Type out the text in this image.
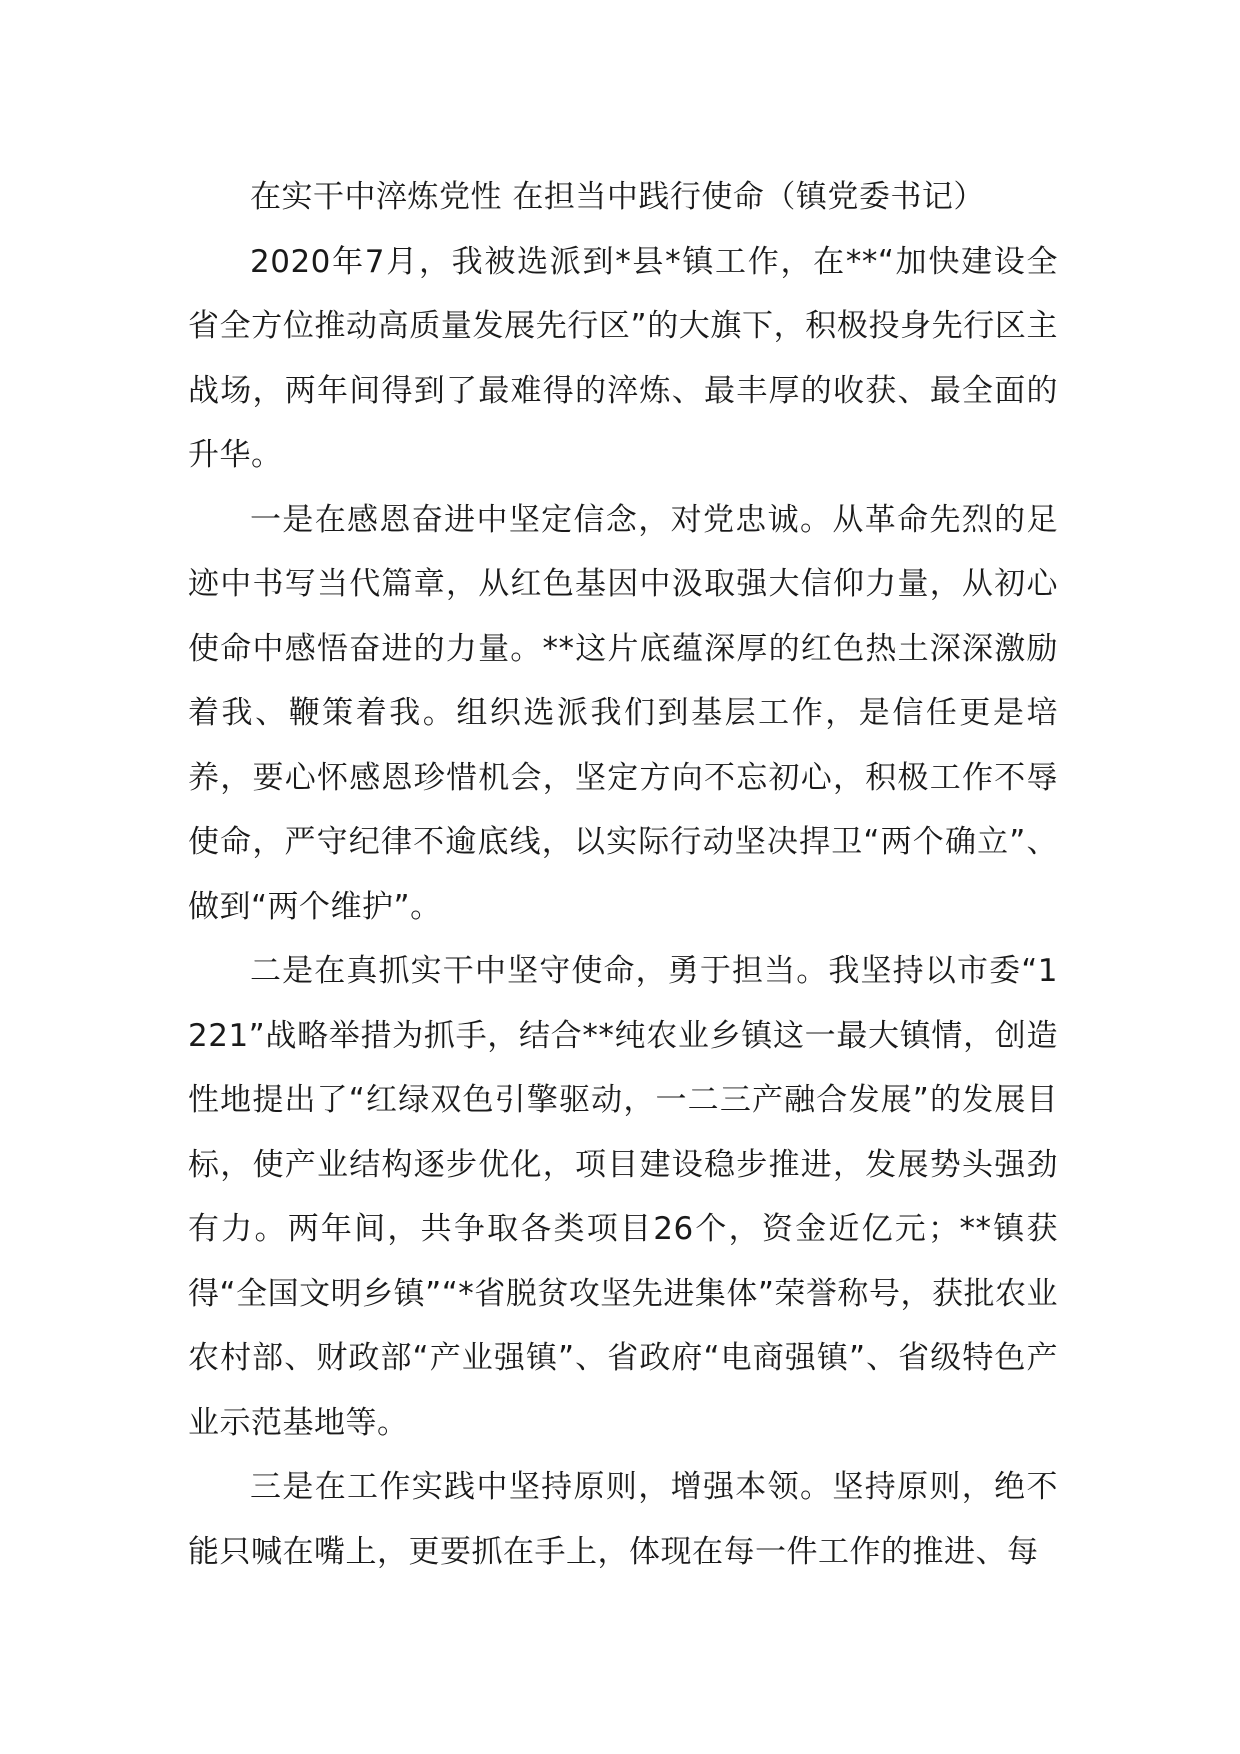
在实干中淬炼党性 在担当中践行使命（镇党委书记）

2020年7月，我被选派到*县*镇工作，在**“加快建设全省全方位推动高质量发展先行区”的大旗下，积极投身先行区主战场，两年间得到了最难得的淬炼、最丰厚的收获、最全面的升华。

一是在感恩奋进中坚定信念，对党忠诚。从革命先烈的足迹中书写当代篇章，从红色基因中汲取强大信仰力量，从初心使命中感悟奋进的力量。**这片底蕴深厚的红色热土深深激励着我、鞭策着我。组织选派我们到基层工作，是信任更是培养，要心怀感恩珍惜机会，坚定方向不忘初心，积极工作不辱使命，严守纪律不逾底线，以实际行动坚决捍卫“两个确立”、做到“两个维护”。

二是在真抓实干中坚守使命，勇于担当。我坚持以市委“1221”战略举措为抓手，结合**纯农业乡镇这一最大镇情，创造性地提出了“红绿双色引擎驱动，一二三产融合发展”的发展目标，使产业结构逐步优化，项目建设稳步推进，发展势头强劲有力。两年间，共争取各类项目26个，资金近亿元；**镇获得“全国文明乡镇”“*省脱贫攻坚先进集体”荣誉称号，获批农业农村部、财政部“产业强镇”、省政府“电商强镇”、省级特色产业示范基地等。

三是在工作实践中坚持原则，增强本领。坚持原则，绝不能只喊在嘴上，更要抓在手上，体现在每一件工作的推进、每
